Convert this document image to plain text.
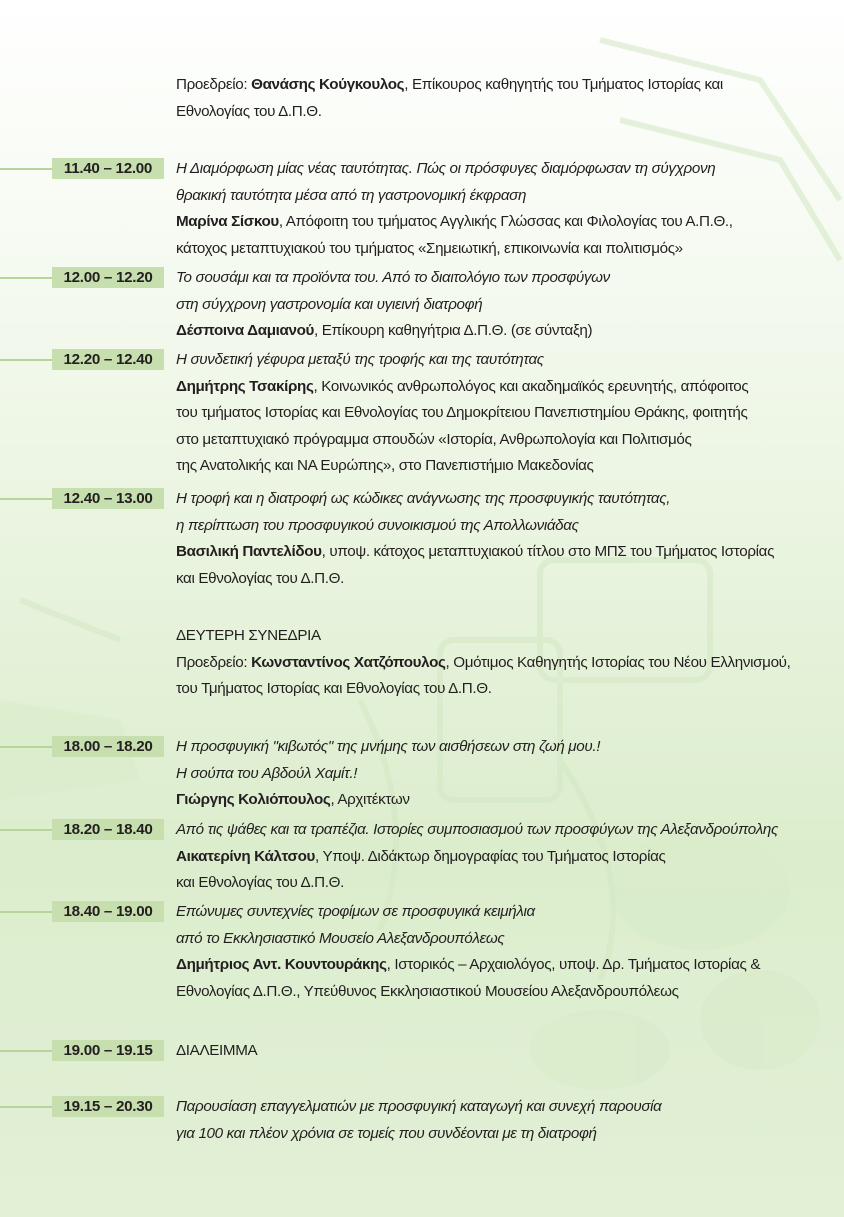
Προεδρείο: Θανάσης Κούγκουλος, Επίκουρος καθηγητής του Τμήματος Ιστορίας και
Εθνολογίας του Δ.Π.Θ.
11.40 – 12.00	Η Διαμόρφωση μίας νέας ταυτότητας. Πώς οι πρόσφυγες διαμόρφωσαν τη σύγχρονη
θρακική ταυτότητα μέσα από τη γαστρονομική έκφραση
Μαρίνα Σίσκου, Απόφοιτη του τμήματος Αγγλικής Γλώσσας και Φιλολογίας του Α.Π.Θ.,
κάτοχος μεταπτυχιακού του τμήματος «Σημειωτική, επικοινωνία και πολιτισμός»
12.00 – 12.20	Το σουσάμι και τα προϊόντα του. Από το διαιτολόγιο των προσφύγων
στη σύγχρονη γαστρονομία και υγιεινή διατροφή
Δέσποινα Δαμιανού, Επίκουρη καθηγήτρια Δ.Π.Θ. (σε σύνταξη)
12.20 – 12.40	Η συνδετική γέφυρα μεταξύ της τροφής και της ταυτότητας
Δημήτρης Τσακίρης, Κοινωνικός ανθρωπολόγος και ακαδημαϊκός ερευνητής, απόφοιτος
του τμήματος Ιστορίας και Εθνολογίας του Δημοκρίτειου Πανεπιστημίου Θράκης, φοιτητής
στο μεταπτυχιακό πρόγραμμα σπουδών «Ιστορία, Ανθρωπολογία και Πολιτισμός
της Ανατολικής και ΝΑ Ευρώπης», στο Πανεπιστήμιο Μακεδονίας
12.40 – 13.00	Η τροφή και η διατροφή ως κώδικες ανάγνωσης της προσφυγικής ταυτότητας,
η περίπτωση του προσφυγικού συνοικισμού της Απολλωνιάδας
Βασιλική Παντελίδου, υποψ. κάτοχος μεταπτυχιακού τίτλου στο ΜΠΣ του Τμήματος Ιστορίας
και Εθνολογίας του Δ.Π.Θ.
ΔΕΥΤΕΡΗ ΣΥΝΕΔΡΙΑ
Προεδρείο: Κωνσταντίνος Χατζόπουλος, Ομότιμος Καθηγητής Ιστορίας του Νέου Ελληνισμού,
του Τμήματος Ιστορίας και Εθνολογίας του Δ.Π.Θ.
18.00 – 18.20	Η προσφυγική "κιβωτός" της μνήμης των αισθήσεων στη ζωή μου.!
Η σούπα του Αβδούλ Χαμίτ.!
Γιώργης Κολιόπουλος, Αρχιτέκτων
18.20 – 18.40	Από τις ψάθες και τα τραπέζια. Ιστορίες συμποσιασμού των προσφύγων της Αλεξανδρούπολης
Αικατερίνη Κάλτσου, Υποψ. Διδάκτωρ δημογραφίας του Τμήματος Ιστορίας
και Εθνολογίας του Δ.Π.Θ.
18.40 – 19.00	Επώνυμες συντεχνίες τροφίμων σε προσφυγικά κειμήλια
από το Εκκλησιαστικό Μουσείο Αλεξανδρουπόλεως
Δημήτριος Αντ. Κουντουράκης, Ιστορικός – Αρχαιολόγος, υποψ. Δρ. Τμήματος Ιστορίας &
Εθνολογίας Δ.Π.Θ., Υπεύθυνος Εκκλησιαστικού Μουσείου Αλεξανδρουπόλεως
19.00 – 19.15	ΔΙΑΛΕΙΜΜΑ
19.15 – 20.30	Παρουσίαση επαγγελματιών με προσφυγική καταγωγή και συνεχή παρουσία
για 100 και πλέον χρόνια σε τομείς που συνδέονται με τη διατροφή
